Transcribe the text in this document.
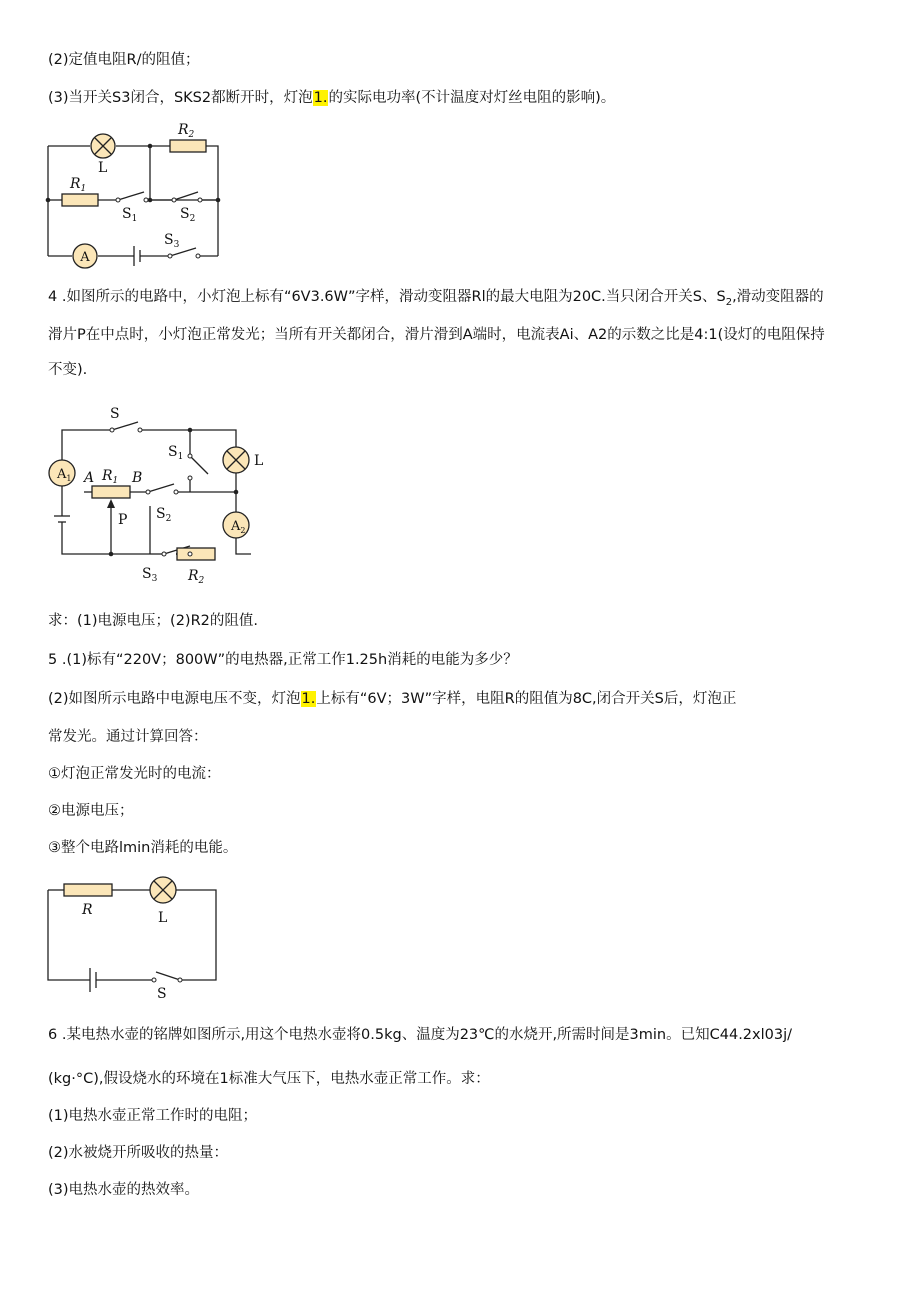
(2)定值电阻R/的阻值；
(3)当开关S3闭合，SKS2都断开时，灯泡1.的实际电功率(不计温度对灯丝电阻的影响)。
A
L
$R_2$
$R_1$
$S_1$	$S_2$
$S_3$
4 .如图所示的电路中，小灯泡上标有“6V3.6W”字样，滑动变阻器Rl的最大电阻为20C.当只闭合开关S、$S_2$,滑动变阻器的
滑片P在中点时，小灯泡正常发光；当所有开关都闭合，滑片滑到A端时，电流表Ai、A2的示数之比是4:1(设灯的电阻保持
不变).
$A_1$
$A_2$
S
$S_1$	L
A $R_1$ B
P $S_2$
$S_3$ $R_2$
求：(1)电源电压；(2)R2的阻值.
5 .(1)标有“220V；800W”的电热器,正常工作1.25h消耗的电能为多少？
(2)如图所示电路中电源电压不变，灯泡1.上标有“6V；3W”字样，电阻R的阻值为8C,闭合开关S后，灯泡正
常发光。通过计算回答：
①灯泡正常发光时的电流：
②电源电压；
③整个电路lmin消耗的电能。
R	L
S
6 .某电热水壶的铭牌如图所示,用这个电热水壶将0.5kg、温度为23℃的水烧开,所需时间是3min。已知C44.2xl03j/
(kg·°C),假设烧水的环境在1标准大气压下，电热水壶正常工作。求：
(1)电热水壶正常工作时的电阻；
(2)水被烧开所吸收的热量：
(3)电热水壶的热效率。
